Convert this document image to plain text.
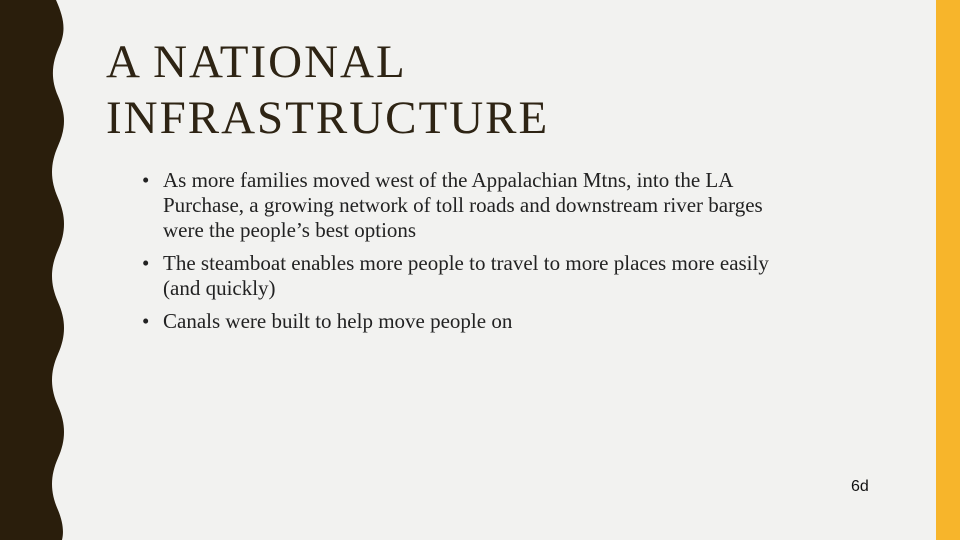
A NATIONAL
INFRASTRUCTURE
• As more families moved west of the Appalachian Mtns, into the LA Purchase, a growing network of toll roads and downstream river barges were the people’s best options
• The steamboat enables more people to travel to more places more easily (and quickly)
• Canals were built to help move people on
6d
